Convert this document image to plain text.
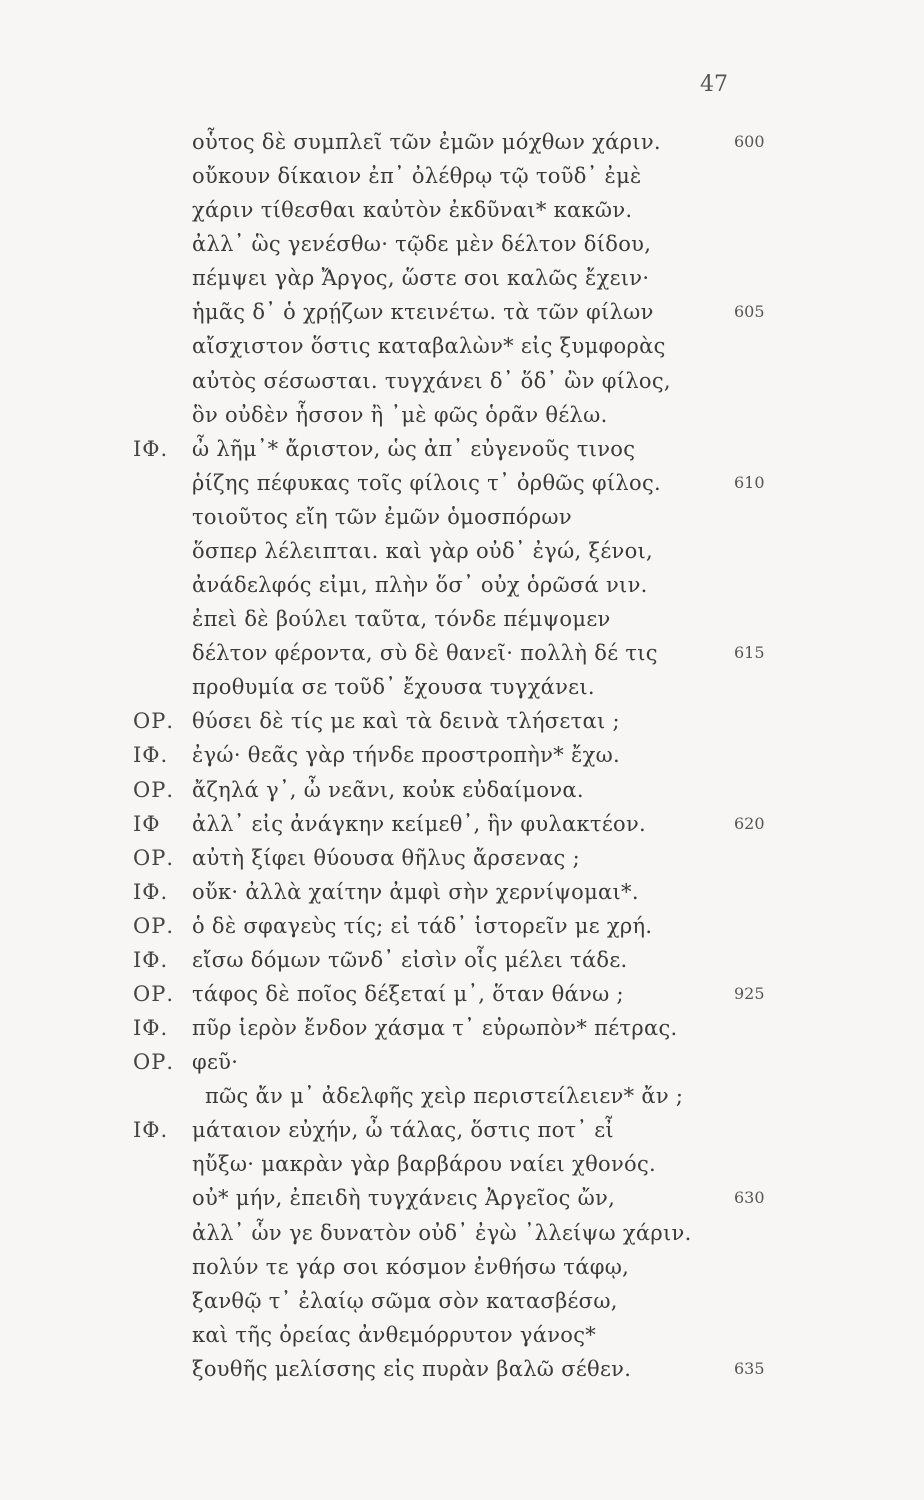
47
οὗτος δὲ συμπλεῖ τῶν ἐμῶν μόχθων χάριν.	600
οὔκουν δίκαιον ἐπ᾽ ὀλέθρῳ τῷ τοῦδ᾽ ἐμὲ
χάριν τίθεσθαι καὐτὸν ἐκδῦναι* κακῶν.
ἀλλ᾽ ὣς γενέσθω· τῷδε μὲν δέλτον δίδου,
πέμψει γὰρ Ἄργος, ὥστε σοι καλῶς ἔχειν·
ἡμᾶς δ᾽ ὁ χρῄζων κτεινέτω. τὰ τῶν φίλων	605
αἴσχιστον ὅστις καταβαλὼν* εἰς ξυμφορὰς
αὐτὸς σέσωσται. τυγχάνει δ᾽ ὅδ᾽ ὢν φίλος,
ὃν οὐδὲν ἧσσον ἢ ᾽μὲ φῶς ὁρᾶν θέλω.
ΙΦ. ὦ λῆμ᾽* ἄριστον, ὡς ἀπ᾽ εὐγενοῦς τινος
ῥίζης πέφυκας τοῖς φίλοις τ᾽ ὀρθῶς φίλος.	610
τοιοῦτος εἴη τῶν ἐμῶν ὁμοσπόρων
ὅσπερ λέλειπται. καὶ γὰρ οὐδ᾽ ἐγώ, ξένοι,
ἀνάδελφός εἰμι, πλὴν ὅσ᾽ οὐχ ὁρῶσά νιν.
ἐπεὶ δὲ βούλει ταῦτα, τόνδε πέμψομεν
δέλτον φέροντα, σὺ δὲ θανεῖ· πολλὴ δέ τις	615
προθυμία σε τοῦδ᾽ ἔχουσα τυγχάνει.
ΟΡ. θύσει δὲ τίς με καὶ τὰ δεινὰ τλήσεται ;
ΙΦ. ἐγώ· θεᾶς γὰρ τήνδε προστροπὴν* ἔχω.
ΟΡ. ἄζηλά γ᾽, ὦ νεᾶνι, κοὐκ εὐδαίμονα.
ΙΦ ἀλλ᾽ εἰς ἀνάγκην κείμεθ᾽, ἣν φυλακτέον.	620
ΟΡ. αὐτὴ ξίφει θύουσα θῆλυς ἄρσενας ;
ΙΦ. οὔκ· ἀλλὰ χαίτην ἀμφὶ σὴν χερνίψομαι*.
ΟΡ. ὁ δὲ σφαγεὺς τίς; εἰ τάδ᾽ ἱστορεῖν με χρή.
ΙΦ. εἴσω δόμων τῶνδ᾽ εἰσὶν οἷς μέλει τάδε.
ΟΡ. τάφος δὲ ποῖος δέξεταί μ᾽, ὅταν θάνω ;	925
ΙΦ. πῦρ ἱερὸν ἔνδον χάσμα τ᾽ εὐρωπὸν* πέτρας.
ΟΡ. φεῦ·
πῶς ἄν μ᾽ ἀδελφῆς χεὶρ περιστείλειεν* ἄν ;
ΙΦ. μάταιον εὐχήν, ὦ τάλας, ὅστις ποτ᾽ εἶ
ηὔξω· μακρὰν γὰρ βαρβάρου ναίει χθονός.
οὐ* μήν, ἐπειδὴ τυγχάνεις Ἀργεῖος ὤν,	630
ἀλλ᾽ ὧν γε δυνατὸν οὐδ᾽ ἐγὼ ᾽λλείψω χάριν.
πολύν τε γάρ σοι κόσμον ἐνθήσω τάφῳ,
ξανθῷ τ᾽ ἐλαίῳ σῶμα σὸν κατασβέσω,
καὶ τῆς ὀρείας ἀνθεμόρρυτον γάνος*
ξουθῆς μελίσσης εἰς πυρὰν βαλῶ σέθεν.	635
